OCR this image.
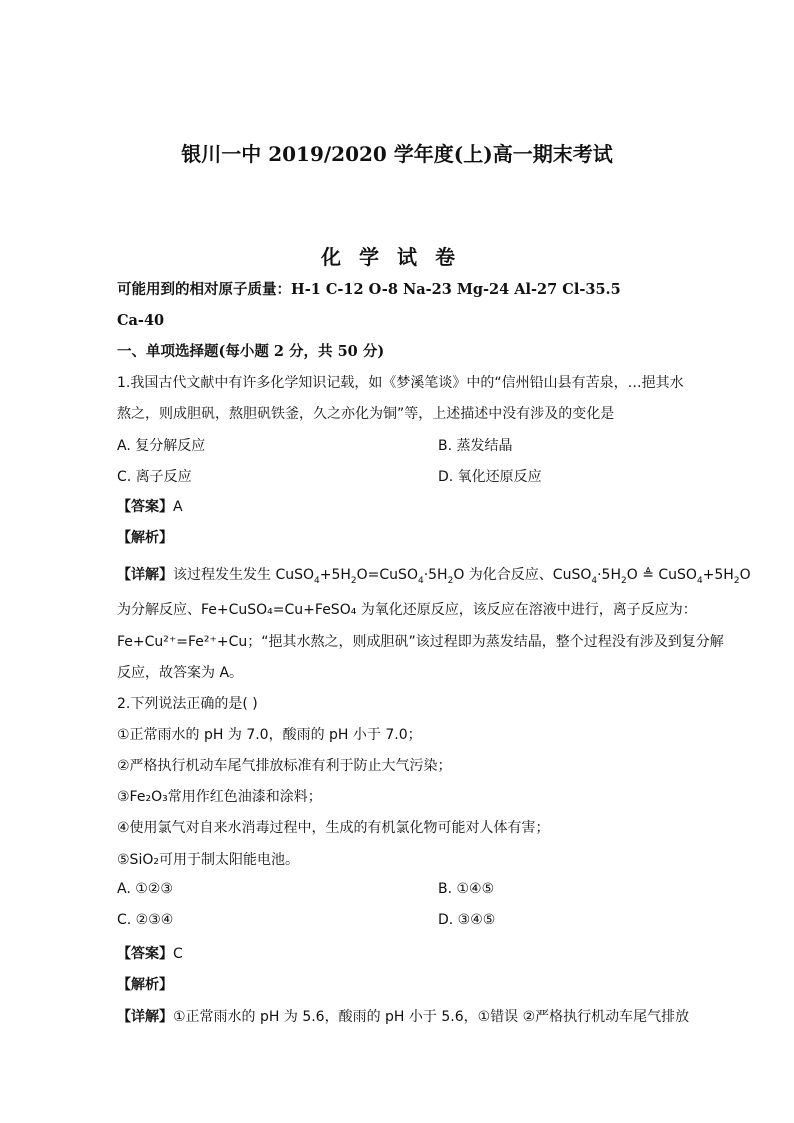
银川一中 2019/2020 学年度(上)高一期末考试
化学试卷
可能用到的相对原子质量：H-1 C-12 O-8 Na-23 Mg-24 Al-27 Cl-35.5
Ca-40
一、单项选择题(每小题 2 分，共 50 分)
1.我国古代文献中有许多化学知识记载，如《梦溪笔谈》中的“信州铅山县有苦泉，…挹其水
熬之，则成胆矾，熬胆矾铁釜，久之亦化为铜”等，上述描述中没有涉及的变化是
A. 复分解反应	B. 蒸发结晶
C. 离子反应	D. 氧化还原反应
【答案】A
【解析】
【详解】该过程发生发生 $CuSO_4+5H_2O=CuSO_4\cdot 5H_2O$ 为化合反应、$CuSO_4\cdot 5H_2O$ ≜ $CuSO_4+5H_2O$
为分解反应、Fe+CuSO₄=Cu+FeSO₄ 为氧化还原反应，该反应在溶液中进行，离子反应为：
Fe+Cu²⁺=Fe²⁺+Cu；“挹其水熬之，则成胆矾”该过程即为蒸发结晶，整个过程没有涉及到复分解
反应，故答案为 A。
2.下列说法正确的是( )
①正常雨水的 pH 为 7.0，酸雨的 pH 小于 7.0；
②严格执行机动车尾气排放标准有利于防止大气污染；
③Fe₂O₃常用作红色油漆和涂料；
④使用氯气对自来水消毒过程中，生成的有机氯化物可能对人体有害；
⑤SiO₂可用于制太阳能电池。
A. ①②③	B. ①④⑤
C. ②③④	D. ③④⑤
【答案】C
【解析】
【详解】①正常雨水的 pH 为 5.6，酸雨的 pH 小于 5.6，①错误 ②严格执行机动车尾气排放
